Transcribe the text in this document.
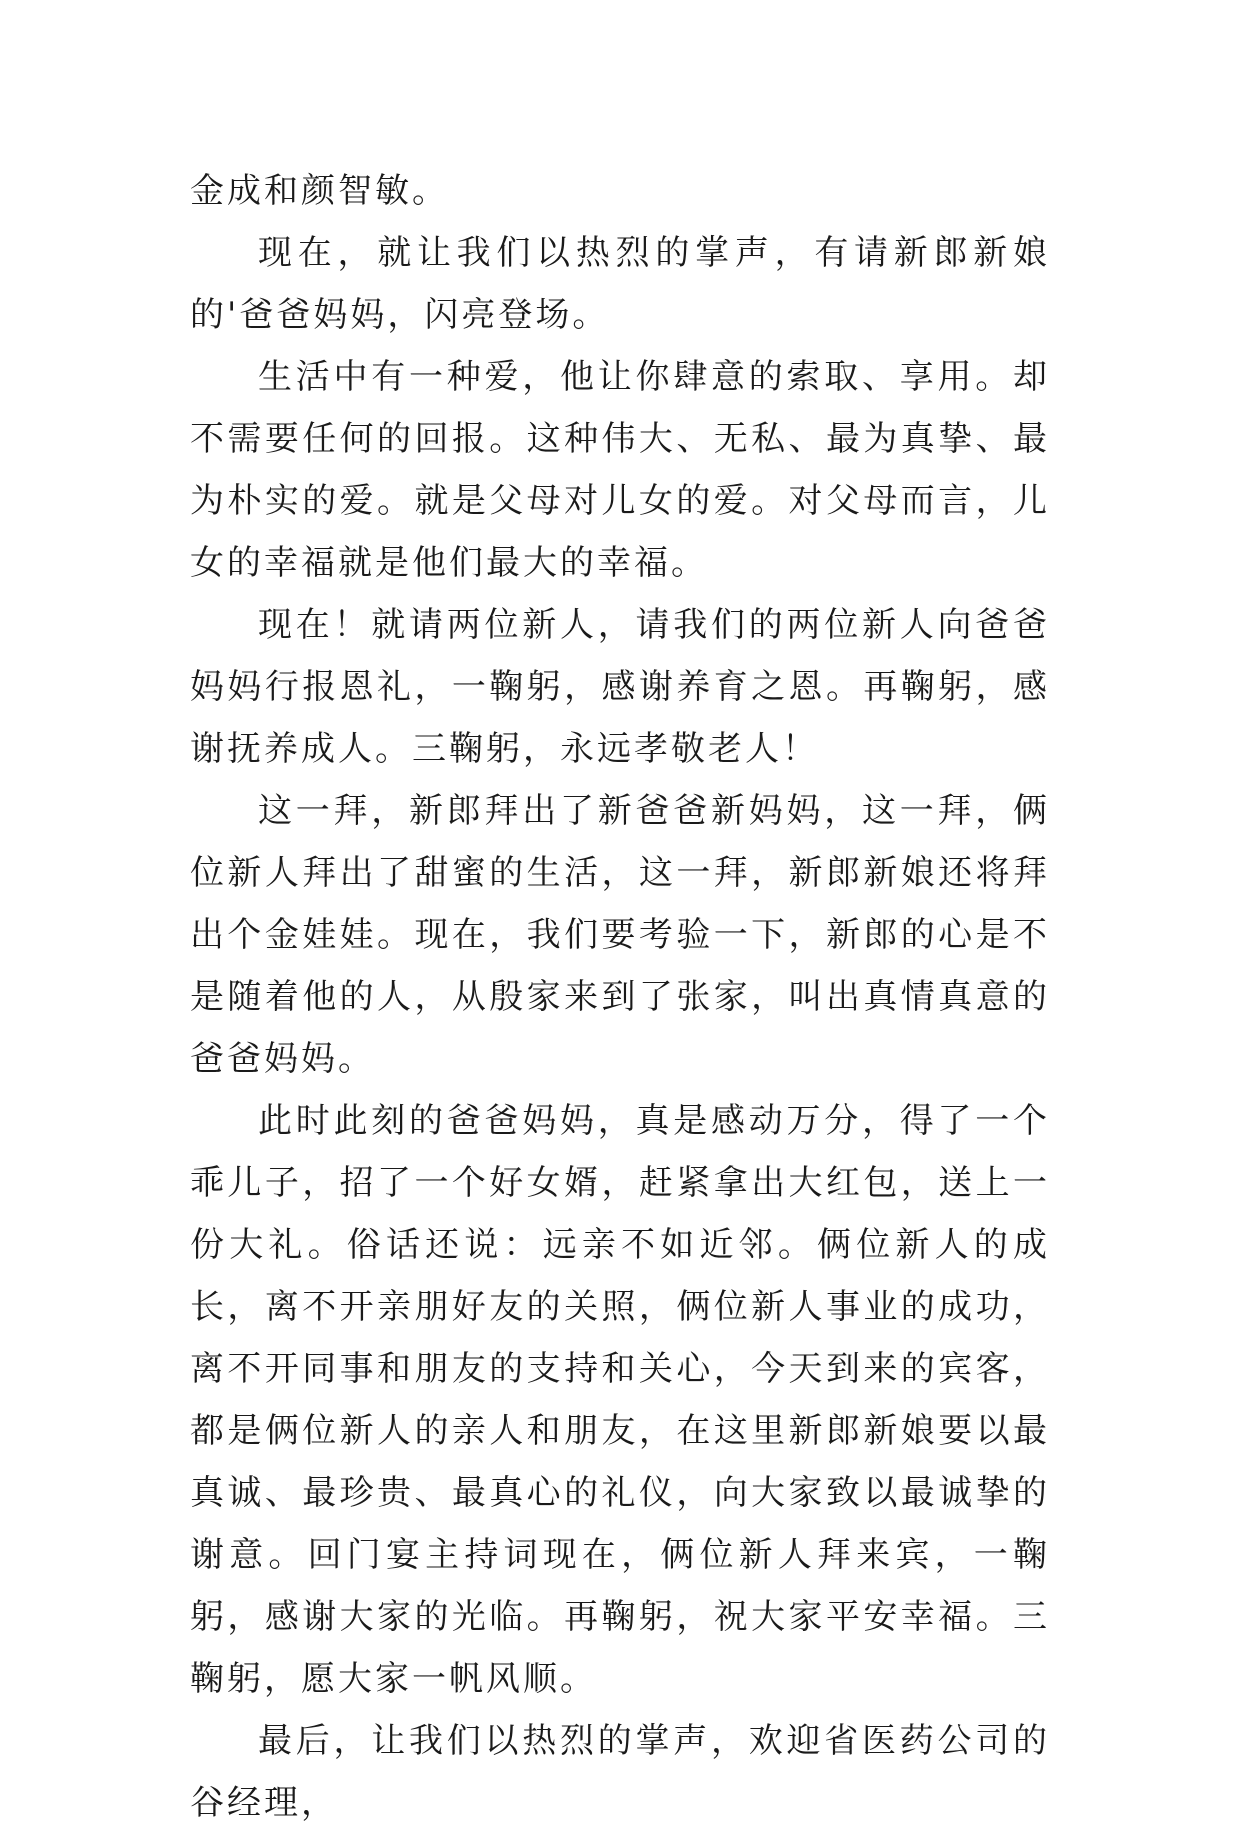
金成和颜智敏。

现在，就让我们以热烈的掌声，有请新郎新娘的'爸爸妈妈，闪亮登场。

生活中有一种爱，他让你肆意的索取、享用。却不需要任何的回报。这种伟大、无私、最为真挚、最为朴实的爱。就是父母对儿女的爱。对父母而言，儿女的幸福就是他们最大的幸福。

现在！就请两位新人，请我们的两位新人向爸爸妈妈行报恩礼，一鞠躬，感谢养育之恩。再鞠躬，感谢抚养成人。三鞠躬，永远孝敬老人！

这一拜，新郎拜出了新爸爸新妈妈，这一拜，俩位新人拜出了甜蜜的生活，这一拜，新郎新娘还将拜出个金娃娃。现在，我们要考验一下，新郎的心是不是随着他的人，从殷家来到了张家，叫出真情真意的爸爸妈妈。

此时此刻的爸爸妈妈，真是感动万分，得了一个乖儿子，招了一个好女婿，赶紧拿出大红包，送上一份大礼。俗话还说：远亲不如近邻。俩位新人的成长，离不开亲朋好友的关照，俩位新人事业的成功，离不开同事和朋友的支持和关心，今天到来的宾客，都是俩位新人的亲人和朋友，在这里新郎新娘要以最真诚、最珍贵、最真心的礼仪，向大家致以最诚挚的谢意。回门宴主持词现在，俩位新人拜来宾，一鞠躬，感谢大家的光临。再鞠躬，祝大家平安幸福。三鞠躬，愿大家一帆风顺。

最后，让我们以热烈的掌声，欢迎省医药公司的谷经理，
